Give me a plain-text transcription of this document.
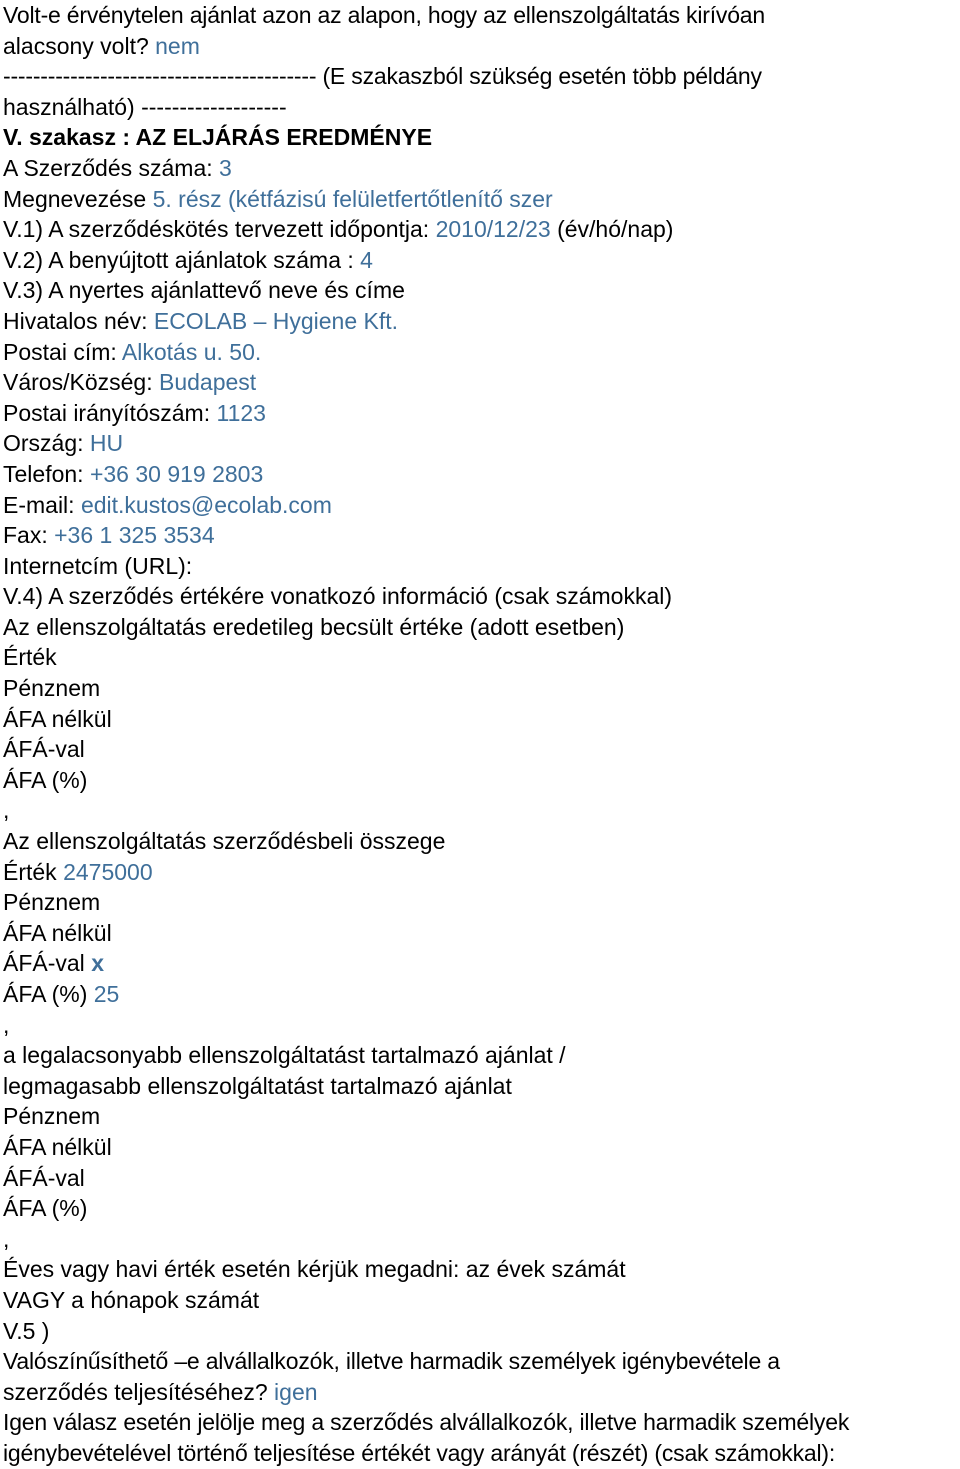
Volt-e érvénytelen ajánlat azon az alapon, hogy az ellenszolgáltatás kirívóan
alacsony volt? nem
------------------------------------------ (E szakaszból szükség esetén több példány
használható) -------------------
V. szakasz : AZ ELJÁRÁS EREDMÉNYE
A Szerződés száma: 3
Megnevezése 5. rész (kétfázisú felületfertőtlenítő szer
V.1) A szerződéskötés tervezett időpontja: 2010/12/23 (év/hó/nap)
V.2) A benyújtott ajánlatok száma : 4
V.3) A nyertes ajánlattevő neve és címe
Hivatalos név: ECOLAB – Hygiene Kft.
Postai cím: Alkotás u. 50.
Város/Község: Budapest
Postai irányítószám: 1123
Ország: HU
Telefon: +36 30 919 2803
E-mail: edit.kustos@ecolab.com
Fax: +36 1 325 3534
Internetcím (URL):
V.4) A szerződés értékére vonatkozó információ (csak számokkal)
Az ellenszolgáltatás eredetileg becsült értéke (adott esetben)
Érték
Pénznem
ÁFA nélkül
ÁFÁ-val
ÁFA (%)
,
Az ellenszolgáltatás szerződésbeli összege
Érték 2475000
Pénznem
ÁFA nélkül
ÁFÁ-val x
ÁFA (%) 25
,
a legalacsonyabb ellenszolgáltatást tartalmazó ajánlat /
legmagasabb ellenszolgáltatást tartalmazó ajánlat
Pénznem
ÁFA nélkül
ÁFÁ-val
ÁFA (%)
,
Éves vagy havi érték esetén kérjük megadni: az évek számát
VAGY a hónapok számát
V.5 )
Valószínűsíthető –e alvállalkozók, illetve harmadik személyek igénybevétele a
szerződés teljesítéséhez? igen
Igen válasz esetén jelölje meg a szerződés alvállalkozók, illetve harmadik személyek
igénybevételével történő teljesítése értékét vagy arányát (részét) (csak számokkal):
